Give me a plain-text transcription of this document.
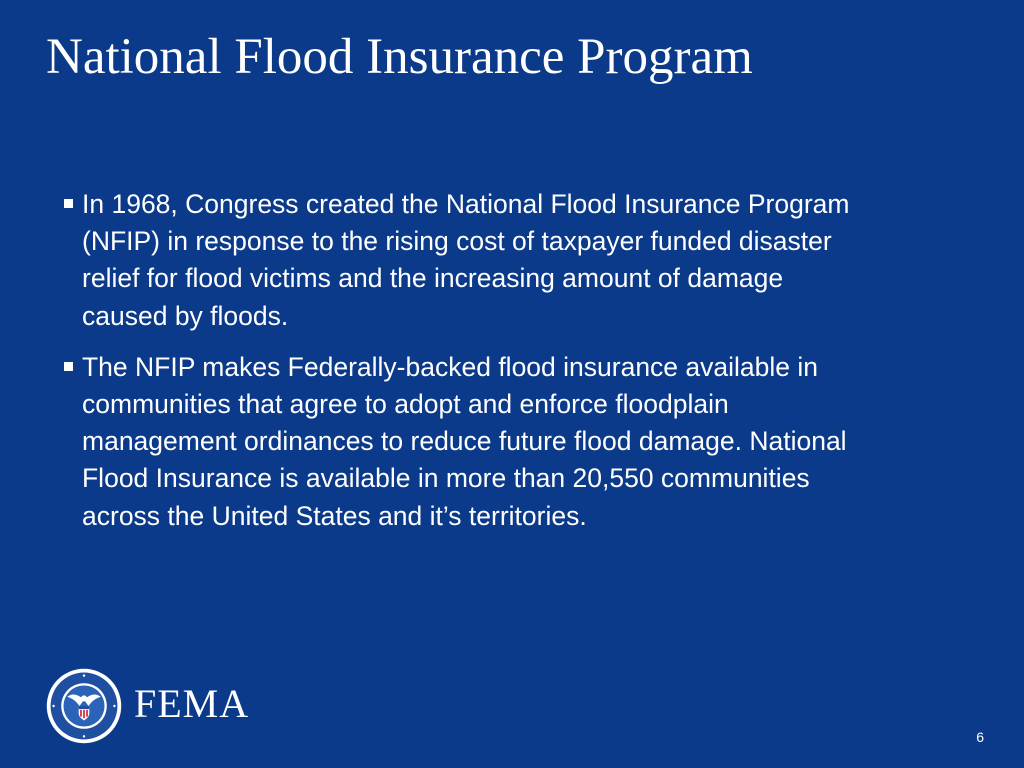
National Flood Insurance Program
In 1968, Congress created the National Flood Insurance Program (NFIP) in response to the rising cost of taxpayer funded disaster relief for flood victims and the increasing amount of damage caused by floods.
The NFIP makes Federally-backed flood insurance available in communities that agree to adopt and enforce floodplain management ordinances to reduce future flood damage. National Flood Insurance is available in more than 20,550 communities across the United States and it’s territories.
FEMA
6
